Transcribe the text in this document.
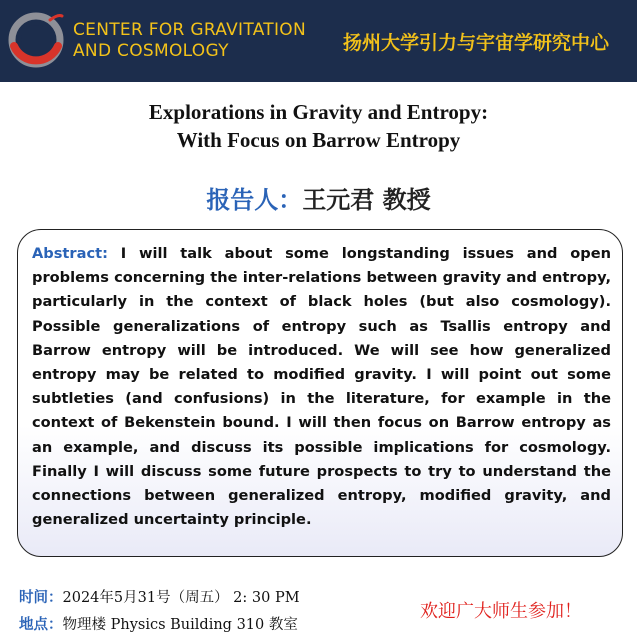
CENTER FOR GRAVITATION
AND COSMOLOGY	扬州大学引力与宇宙学研究中心
Explorations in Gravity and Entropy:
With Focus on Barrow Entropy
报告人：王元君 教授
Abstract: I will talk about some longstanding issues and open problems concerning the inter-relations between gravity and entropy, particularly in the context of black holes (but also cosmology). Possible generalizations of entropy such as Tsallis entropy and Barrow entropy will be introduced. We will see how generalized entropy may be related to modified gravity. I will point out some subtleties (and confusions) in the literature, for example in the context of Bekenstein bound. I will then focus on Barrow entropy as an example, and discuss its possible implications for cosmology. Finally I will discuss some future prospects to try to understand the connections between generalized entropy, modified gravity, and generalized uncertainty principle.
时间：2024年5月31号（周五） 2: 30 PM
地点：物理楼 Physics Building 310 教室
欢迎广大师生参加！
